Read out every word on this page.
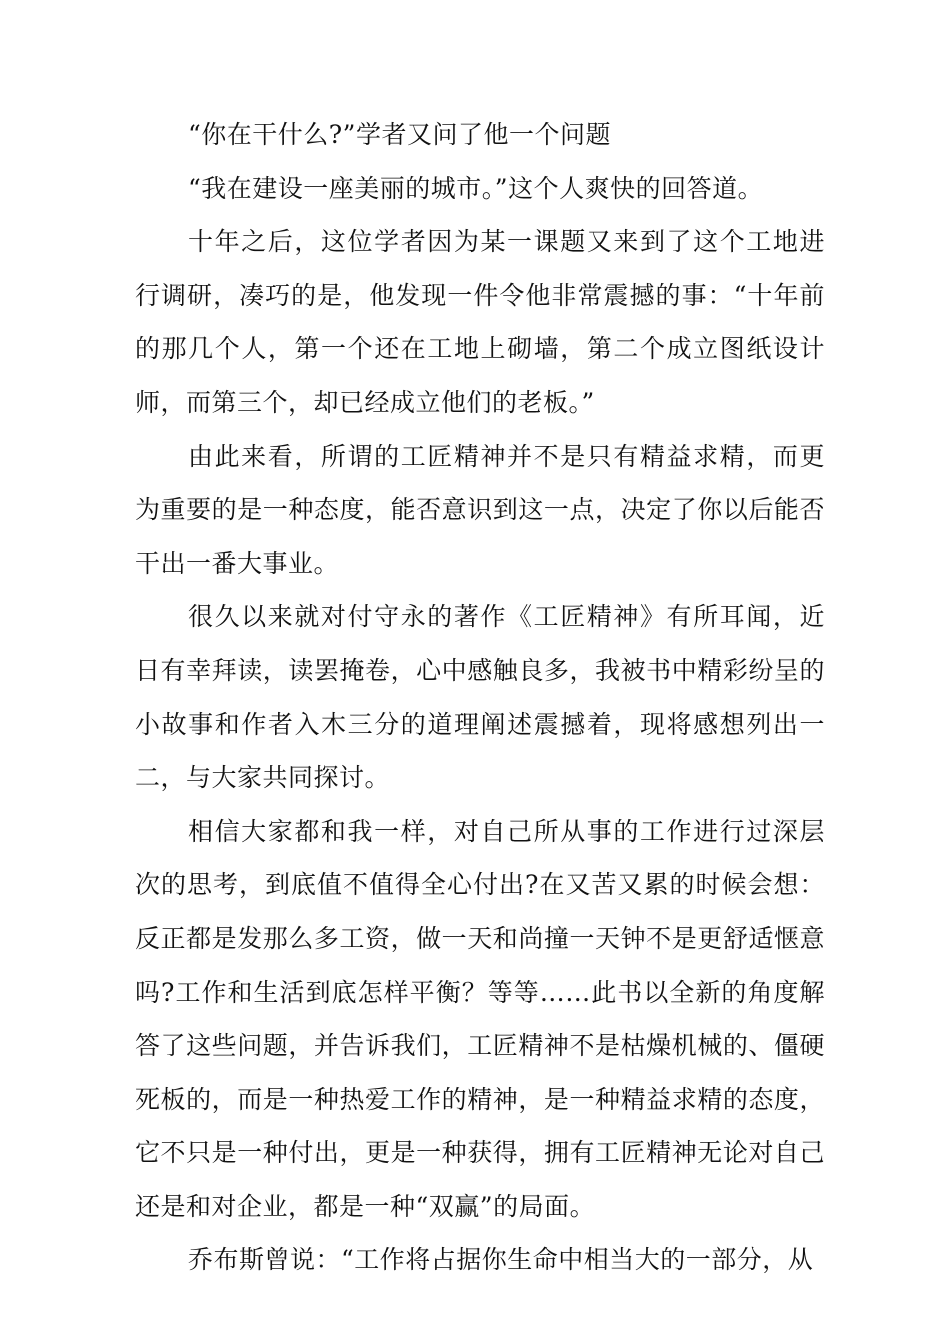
“你在干什么?”学者又问了他一个问题

“我在建设一座美丽的城市。”这个人爽快的回答道。

十年之后，这位学者因为某一课题又来到了这个工地进行调研，凑巧的是，他发现一件令他非常震撼的事：“十年前的那几个人，第一个还在工地上砌墙，第二个成立图纸设计师，而第三个，却已经成立他们的老板。”

由此来看，所谓的工匠精神并不是只有精益求精，而更为重要的是一种态度，能否意识到这一点，决定了你以后能否干出一番大事业。

很久以来就对付守永的著作《工匠精神》有所耳闻，近日有幸拜读，读罢掩卷，心中感触良多，我被书中精彩纷呈的小故事和作者入木三分的道理阐述震撼着，现将感想列出一二，与大家共同探讨。

相信大家都和我一样，对自己所从事的工作进行过深层次的思考，到底值不值得全心付出?在又苦又累的时候会想：反正都是发那么多工资，做一天和尚撞一天钟不是更舒适惬意吗?工作和生活到底怎样平衡？等等……此书以全新的角度解答了这些问题，并告诉我们，工匠精神不是枯燥机械的、僵硬死板的，而是一种热爱工作的精神，是一种精益求精的态度，它不只是一种付出，更是一种获得，拥有工匠精神无论对自己还是和对企业，都是一种“双赢”的局面。

乔布斯曾说：“工作将占据你生命中相当大的一部分，从
